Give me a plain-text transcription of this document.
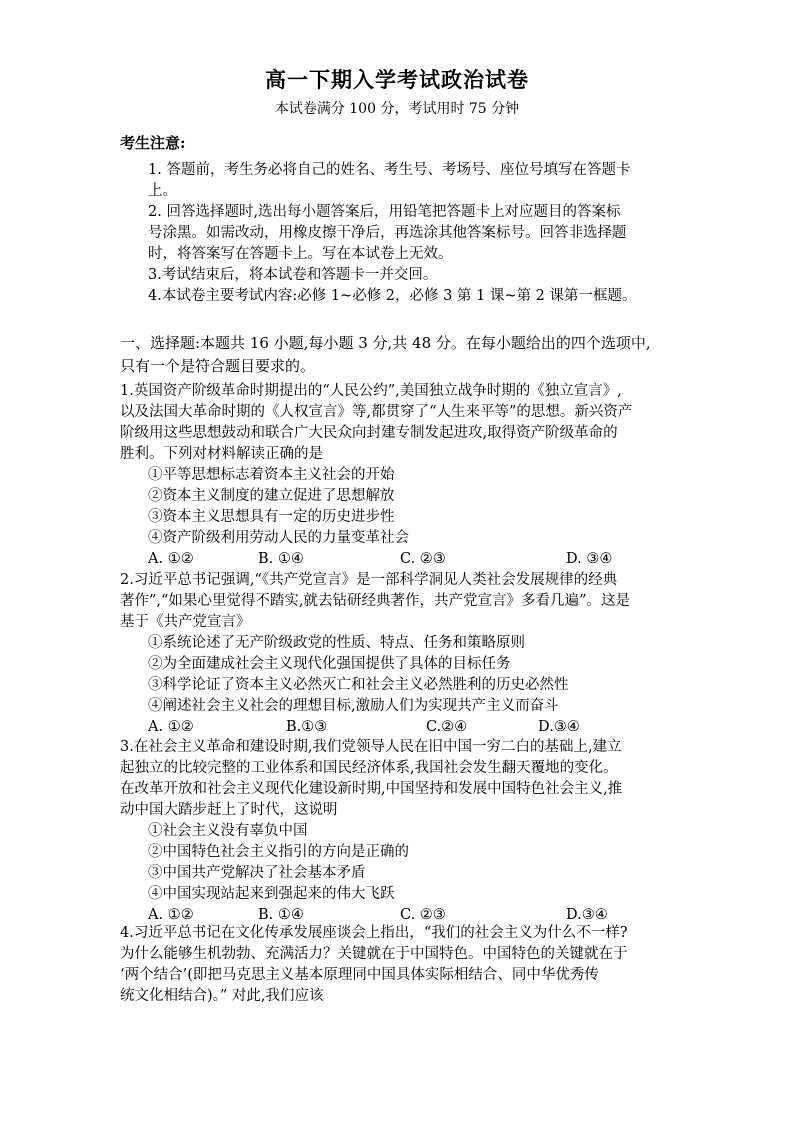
高一下期入学考试政治试卷
本试卷满分 100 分，考试用时 75 分钟
考生注意:

1. 答题前，考生务必将自己的姓名、考生号、考场号、座位号填写在答题卡

上。

2. 回答选择题时,选出每小题答案后，用铅笔把答题卡上对应题目的答案标

号涂黑。如需改动，用橡皮擦干净后，再选涂其他答案标号。回答非选择题

时，将答案写在答题卡上。写在本试卷上无效。

3.考试结束后，将本试卷和答题卡一并交回。

4.本试卷主要考试内容:必修 1~必修 2，必修 3 第 1 课~第 2 课第一框题。

一、选择题:本题共 16 小题,每小题 3 分,共 48 分。在每小题给出的四个选项中,

只有一个是符合题目要求的。

1.英国资产阶级革命时期提出的“人民公约”,美国独立战争时期的《独立宣言》,

以及法国大革命时期的《人权宣言》等,都贯穿了“人生来平等”的思想。新兴资产

阶级用这些思想鼓动和联合广大民众向封建专制发起进攻,取得资产阶级革命的

胜利。下列对材料解读正确的是

①平等思想标志着资本主义社会的开始

②资本主义制度的建立促进了思想解放

③资本主义思想具有一定的历史进步性

④资产阶级利用劳动人民的力量变革社会

A. ①②	B. ①④	C. ②③	D. ③④

2.习近平总书记强调,“《共产党宣言》是一部科学洞见人类社会发展规律的经典

著作”,“如果心里觉得不踏实,就去钻研经典著作，共产党宣言》多看几遍”。这是

基于《共产党宣言》

①系统论述了无产阶级政党的性质、特点、任务和策略原则

②为全面建成社会主义现代化强国提供了具体的目标任务

③科学论证了资本主义必然灭亡和社会主义必然胜利的历史必然性

④阐述社会主义社会的理想目标,激励人们为实现共产主义而奋斗

A. ①②	B.①③	C.②④	D.③④

3.在社会主义革命和建设时期,我们党领导人民在旧中国一穷二白的基础上,建立

起独立的比较完整的工业体系和国民经济体系,我国社会发生翻天覆地的变化。

在改革开放和社会主义现代化建设新时期,中国坚持和发展中国特色社会主义,推

动中国大踏步赶上了时代，这说明

①社会主义没有辜负中国

②中国特色社会主义指引的方向是正确的

③中国共产党解决了社会基本矛盾

④中国实现站起来到强起来的伟大飞跃

A. ①②	B. ①④	C. ②③	D.③④

4.习近平总书记在文化传承发展座谈会上指出，“我们的社会主义为什么不一样?

为什么能够生机勃勃、充满活力？关键就在于中国特色。中国特色的关键就在于

‘两个结合’(即把马克思主义基本原理同中国具体实际相结合、同中华优秀传

统文化相结合)。” 对此,我们应该
